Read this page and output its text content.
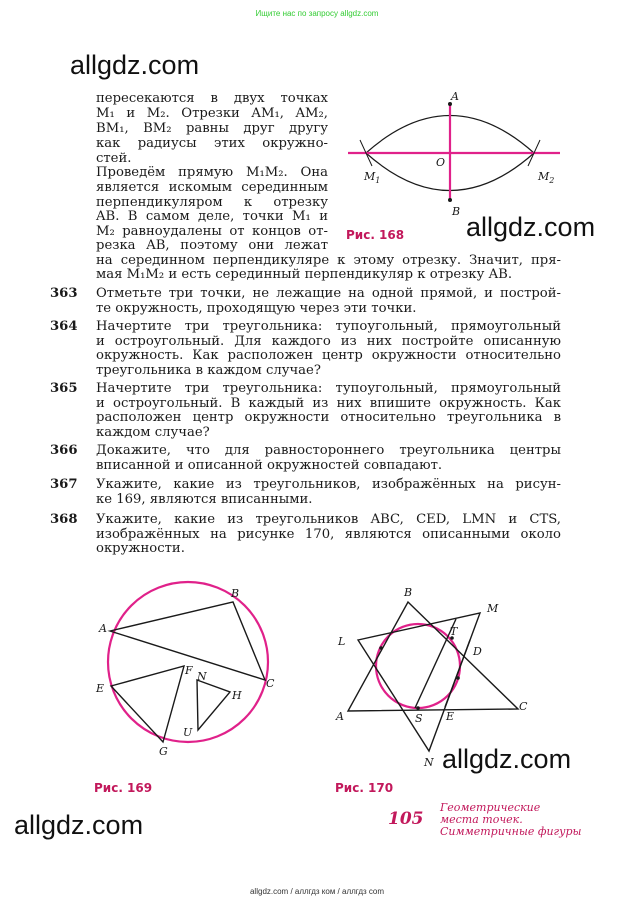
Ищите нас по запросу allgdz.com
allgdz.com
allgdz.com
allgdz.com
allgdz.com
пересекаются в двух точках
M₁ и M₂. Отрезки AM₁, AM₂,
BM₁, BM₂ равны друг другу
как радиусы этих окружно-
стей.
Проведём прямую M₁M₂. Она
является искомым серединным
перпендикуляром к отрезку
AB. В самом деле, точки M₁ и
M₂ равноудалены от концов от-
резка AB, поэтому они лежат
на серединном перпендикуляре к этому отрезку. Значит, пря-
мая M₁M₂ и есть серединный перпендикуляр к отрезку AB.
A
B
O
$M_1$	$M_2$
Рис. 168
363 Отметьте три точки, не лежащие на одной прямой, и построй-
те окружность, проходящую через эти точки.
364 Начертите три треугольника: тупоугольный, прямоугольный
и остроугольный. Для каждого из них постройте описанную
окружность. Как расположен центр окружности относительно
треугольника в каждом случае?
365 Начертите три треугольника: тупоугольный, прямоугольный
и остроугольный. В каждый из них впишите окружность. Как
расположен центр окружности относительно треугольника в
каждом случае?
366 Докажите, что для равностороннего треугольника центры
вписанной и описанной окружностей совпадают.
367 Укажите, какие из треугольников, изображённых на рисун-
ке 169, являются вписанными.
368 Укажите, какие из треугольников ABC, CED, LMN и CTS,
изображённых на рисунке 170, являются описанными около
окружности.
A
B
C
E
F
G
N
H
U
Рис. 169
B
M
L
T
D
A	S E
C
N
Рис. 170
105
Геометрические
места точек.
Симметричные фигуры
allgdz.com / аллгдз ком / аллгдз com
